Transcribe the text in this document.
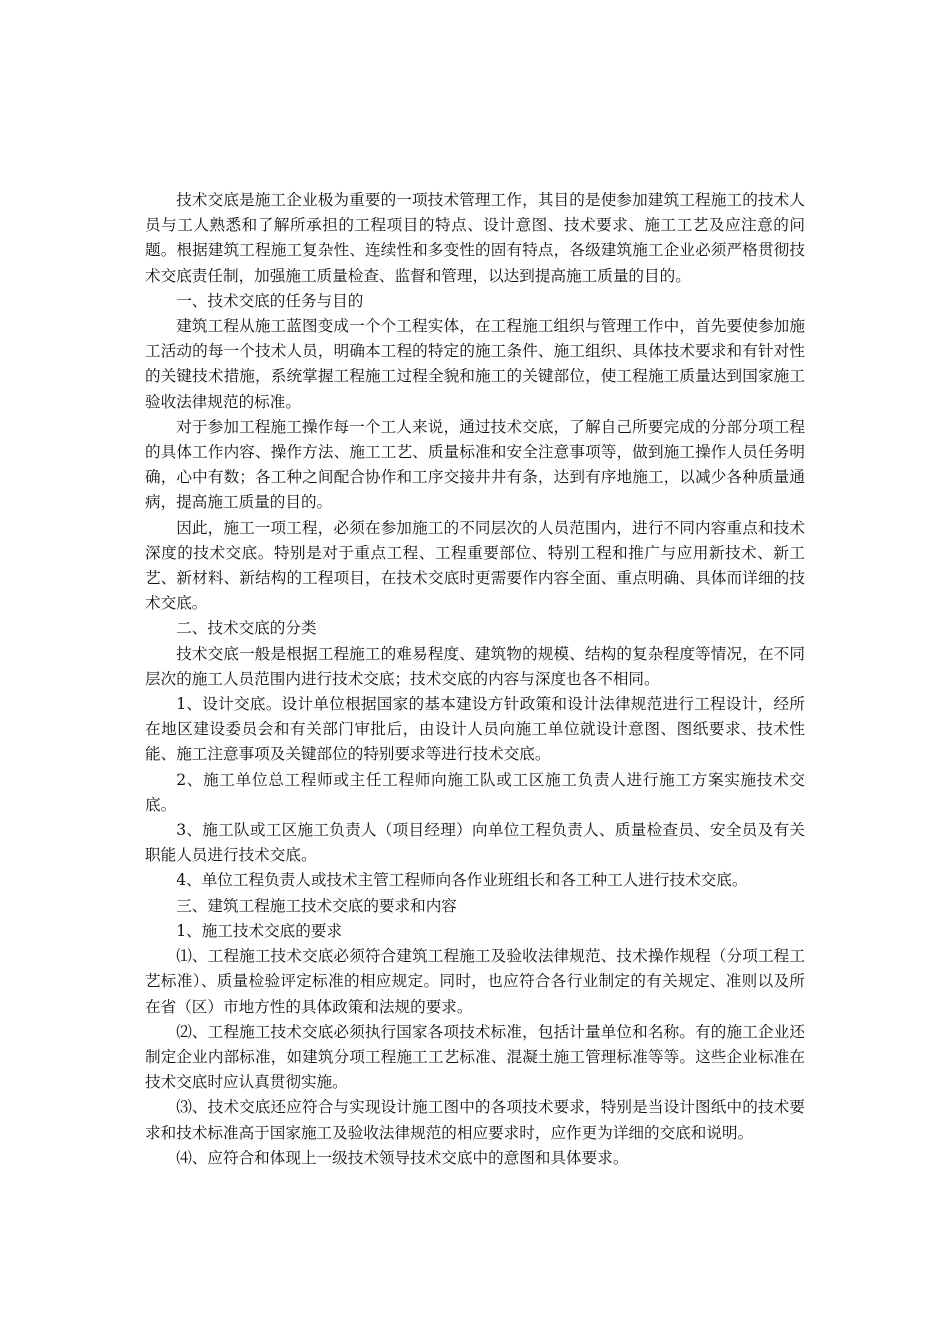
技术交底是施工企业极为重要的一项技术管理工作，其目的是使参加建筑工程施工的技术人员与工人熟悉和了解所承担的工程项目的特点、设计意图、技术要求、施工工艺及应注意的问题。根据建筑工程施工复杂性、连续性和多变性的固有特点，各级建筑施工企业必须严格贯彻技术交底责任制，加强施工质量检查、监督和管理，以达到提高施工质量的目的。

一、技术交底的任务与目的

建筑工程从施工蓝图变成一个个工程实体，在工程施工组织与管理工作中，首先要使参加施工活动的每一个技术人员，明确本工程的特定的施工条件、施工组织、具体技术要求和有针对性的关键技术措施，系统掌握工程施工过程全貌和施工的关键部位，使工程施工质量达到国家施工验收法律规范的标准。

对于参加工程施工操作每一个工人来说，通过技术交底，了解自己所要完成的分部分项工程的具体工作内容、操作方法、施工工艺、质量标准和安全注意事项等，做到施工操作人员任务明确，心中有数；各工种之间配合协作和工序交接井井有条，达到有序地施工，以减少各种质量通病，提高施工质量的目的。

因此，施工一项工程，必须在参加施工的不同层次的人员范围内，进行不同内容重点和技术深度的技术交底。特别是对于重点工程、工程重要部位、特别工程和推广与应用新技术、新工艺、新材料、新结构的工程项目，在技术交底时更需要作内容全面、重点明确、具体而详细的技术交底。

二、技术交底的分类

技术交底一般是根据工程施工的难易程度、建筑物的规模、结构的复杂程度等情况，在不同层次的施工人员范围内进行技术交底；技术交底的内容与深度也各不相同。

1、设计交底。设计单位根据国家的基本建设方针政策和设计法律规范进行工程设计，经所在地区建设委员会和有关部门审批后，由设计人员向施工单位就设计意图、图纸要求、技术性能、施工注意事项及关键部位的特别要求等进行技术交底。

2、施工单位总工程师或主任工程师向施工队或工区施工负责人进行施工方案实施技术交底。

3、施工队或工区施工负责人（项目经理）向单位工程负责人、质量检查员、安全员及有关职能人员进行技术交底。

4、单位工程负责人或技术主管工程师向各作业班组长和各工种工人进行技术交底。

三、建筑工程施工技术交底的要求和内容

1、施工技术交底的要求

⑴、工程施工技术交底必须符合建筑工程施工及验收法律规范、技术操作规程（分项工程工艺标准）、质量检验评定标准的相应规定。同时，也应符合各行业制定的有关规定、准则以及所在省（区）市地方性的具体政策和法规的要求。

⑵、工程施工技术交底必须执行国家各项技术标准，包括计量单位和名称。有的施工企业还制定企业内部标准，如建筑分项工程施工工艺标准、混凝土施工管理标准等等。这些企业标准在技术交底时应认真贯彻实施。

⑶、技术交底还应符合与实现设计施工图中的各项技术要求，特别是当设计图纸中的技术要求和技术标准高于国家施工及验收法律规范的相应要求时，应作更为详细的交底和说明。

⑷、应符合和体现上一级技术领导技术交底中的意图和具体要求。
